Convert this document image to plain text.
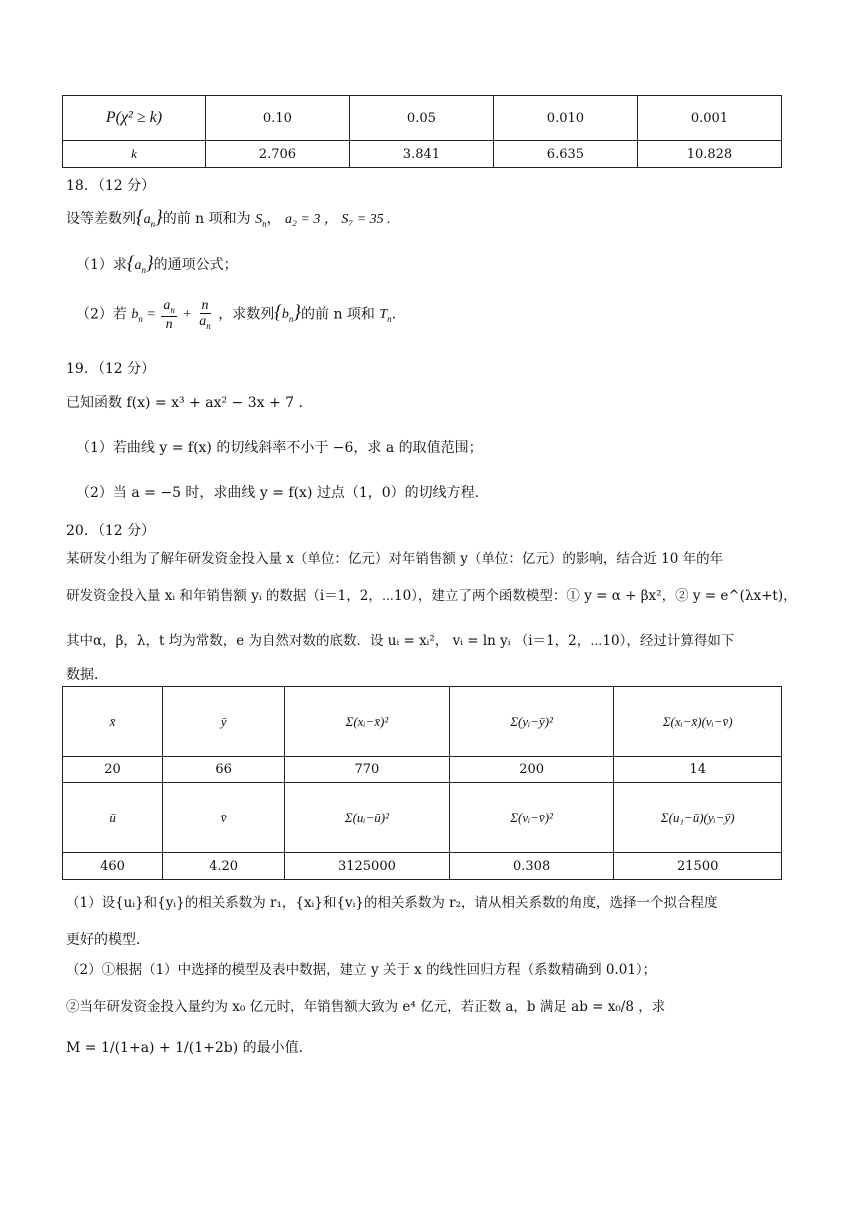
P(χ² ≥ k)	0.10	0.05	0.010	0.001
k	2.706	3.841	6.635	10.828
18．（12 分）
设等差数列$\{a_n\}$的前 n 项和为 $S_n$， a₂ = 3 ， S₇ = 35 .
（1）求$\{a_n\}$的通项公式；
（2）若 $b_n = \frac{a_n}{n} + \frac{n}{a_n}$ ，求数列$\{b_n\}$的前 n 项和 $T_n$.
19．（12 分）
已知函数 f(x) = x³ + ax² − 3x + 7 .
（1）若曲线 y = f(x) 的切线斜率不小于 −6，求 a 的取值范围；
（2）当 a = −5 时，求曲线 y = f(x) 过点（1，0）的切线方程.
20．（12 分）
某研发小组为了解年研发资金投入量 x（单位：亿元）对年销售额 y（单位：亿元）的影响，结合近 10 年的年
研发资金投入量 xᵢ 和年销售额 yᵢ 的数据（i＝1，2，⋯10），建立了两个函数模型：① y = α + βx²，② y = e^(λx+t)，
其中α，β，λ，t 均为常数，e 为自然对数的底数．设 uᵢ = xᵢ²， vᵢ = ln yᵢ （i＝1，2，⋯10），经过计算得如下
数据．
x̄	ȳ	Σ(xᵢ−x̄)²	Σ(yᵢ−ȳ)²	Σ(xᵢ−x̄)(vᵢ−v̄)
20	66	770	200	14
ū	v̄	Σ(uᵢ−ū)²	Σ(vᵢ−v̄)²	Σ(u₁−ū)(yᵢ−ȳ)
460	4.20	3125000	0.308	21500
（1）设{uᵢ}和{yᵢ}的相关系数为 r₁，{xᵢ}和{vᵢ}的相关系数为 r₂，请从相关系数的角度，选择一个拟合程度
更好的模型．
（2）①根据（1）中选择的模型及表中数据，建立 y 关于 x 的线性回归方程（系数精确到 0.01）；
②当年研发资金投入量约为 x₀ 亿元时，年销售额大致为 e⁴ 亿元，若正数 a，b 满足 ab = x₀/8 ，求
M = 1/(1+a) + 1/(1+2b) 的最小值.
